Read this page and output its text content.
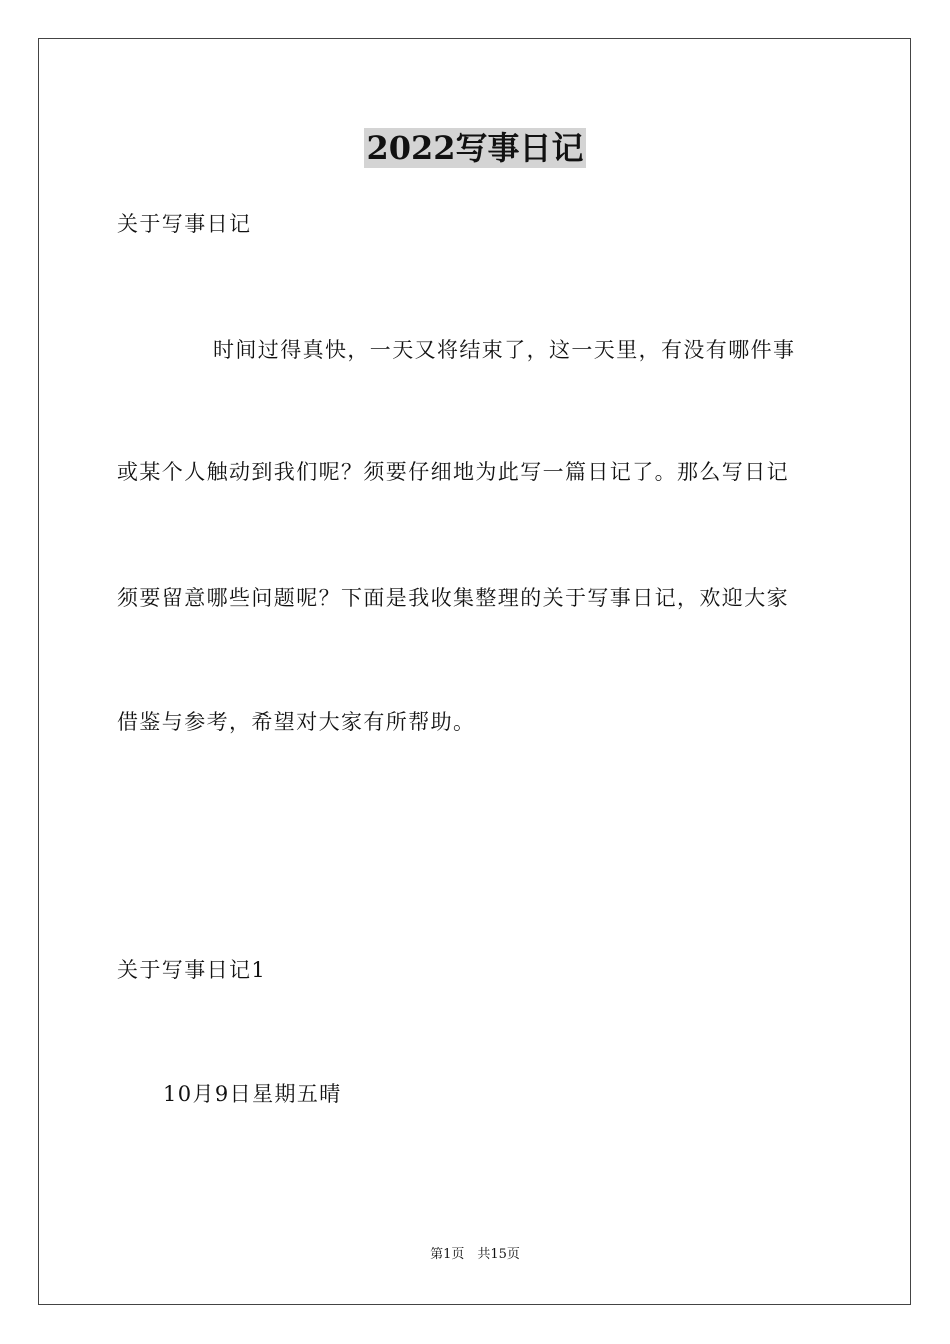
2022写事日记
关于写事日记
时间过得真快，一天又将结束了，这一天里，有没有哪件事
或某个人触动到我们呢？须要仔细地为此写一篇日记了。那么写日记
须要留意哪些问题呢？下面是我收集整理的关于写事日记，欢迎大家
借鉴与参考，希望对大家有所帮助。
关于写事日记1
10月9日星期五晴
第1页　共15页
